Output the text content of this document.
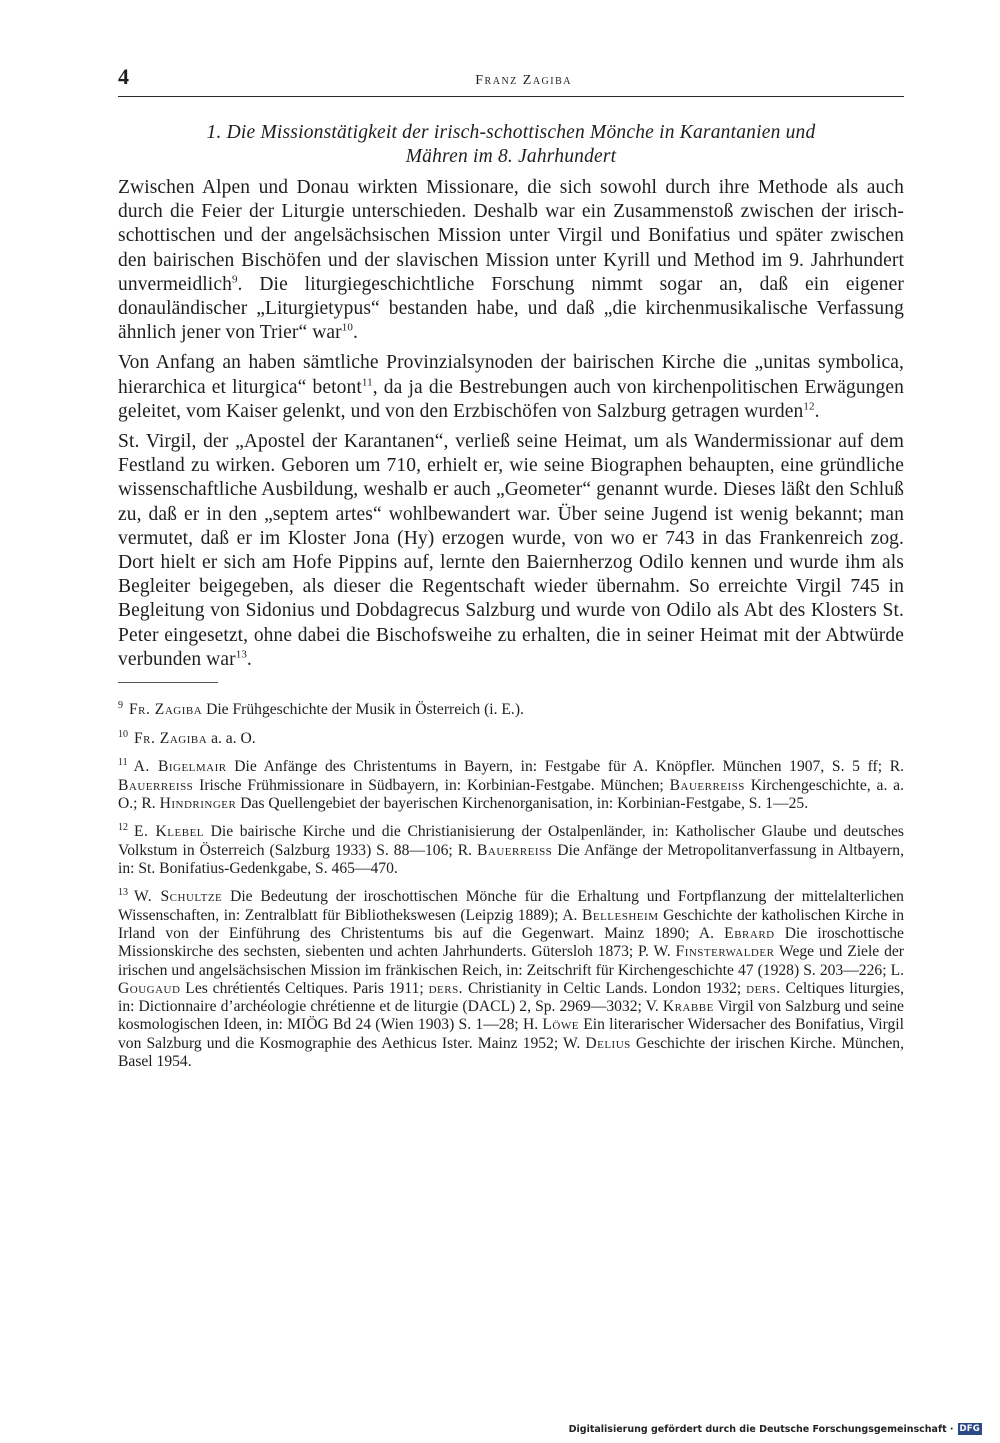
4	Franz Zagiba
1. Die Missionstätigkeit der irisch-schottischen Mönche in Karantanien und
Mähren im 8. Jahrhundert

Zwischen Alpen und Donau wirkten Missionare, die sich sowohl durch ihre Methode als auch durch die Feier der Liturgie unterschieden. Deshalb war ein Zusammenstoß zwischen der irisch-schottischen und der angelsächsischen Mission unter Virgil und Bonifatius und später zwischen den bairischen Bischöfen und der slavischen Mission unter Kyrill und Method im 9. Jahrhundert unvermeidlich$^9$. Die liturgiegeschichtliche Forschung nimmt sogar an, daß ein eigener donauländischer „Liturgietypus“ bestanden habe, und daß „die kirchenmusikalische Verfassung ähnlich jener von Trier“ war$^{10}$.

Von Anfang an haben sämtliche Provinzialsynoden der bairischen Kirche die „unitas symbolica, hierarchica et liturgica“ betont$^{11}$, da ja die Bestrebungen auch von kirchenpolitischen Erwägungen geleitet, vom Kaiser gelenkt, und von den Erzbischöfen von Salzburg getragen wurden$^{12}$.

St. Virgil, der „Apostel der Karantanen“, verließ seine Heimat, um als Wandermissionar auf dem Festland zu wirken. Geboren um 710, erhielt er, wie seine Biographen behaupten, eine gründliche wissenschaftliche Ausbildung, weshalb er auch „Geometer“ genannt wurde. Dieses läßt den Schluß zu, daß er in den „septem artes“ wohlbewandert war. Über seine Jugend ist wenig bekannt; man vermutet, daß er im Kloster Jona (Hy) erzogen wurde, von wo er 743 in das Frankenreich zog. Dort hielt er sich am Hofe Pippins auf, lernte den Baiernherzog Odilo kennen und wurde ihm als Begleiter beigegeben, als dieser die Regentschaft wieder übernahm. So erreichte Virgil 745 in Begleitung von Sidonius und Dobdagrecus Salzburg und wurde von Odilo als Abt des Klosters St. Peter eingesetzt, ohne dabei die Bischofsweihe zu erhalten, die in seiner Heimat mit der Abtwürde verbunden war$^{13}$.

$^9$ Fr. Zagiba Die Frühgeschichte der Musik in Österreich (i. E.).

$^{10}$ Fr. Zagiba a. a. O.

$^{11}$ A. Bigelmair Die Anfänge des Christentums in Bayern, in: Festgabe für A. Knöpfler. München 1907, S. 5 ff; R. Bauerreiss Irische Frühmissionare in Südbayern, in: Korbinian-Festgabe. München; Bauerreiss Kirchengeschichte, a. a. O.; R. Hindringer Das Quellengebiet der bayerischen Kirchenorganisation, in: Korbinian-Festgabe, S. 1—25.

$^{12}$ E. Klebel Die bairische Kirche und die Christianisierung der Ostalpenländer, in: Katholischer Glaube und deutsches Volkstum in Österreich (Salzburg 1933) S. 88—106; R. Bauerreiss Die Anfänge der Metropolitanverfassung in Altbayern, in: St. Bonifatius-Gedenkgabe, S. 465—470.

$^{13}$ W. Schultze Die Bedeutung der iroschottischen Mönche für die Erhaltung und Fortpflanzung der mittelalterlichen Wissenschaften, in: Zentralblatt für Bibliothekswesen (Leipzig 1889); A. Bellesheim Geschichte der katholischen Kirche in Irland von der Einführung des Christentums bis auf die Gegenwart. Mainz 1890; A. Ebrard Die iroschottische Missionskirche des sechsten, siebenten und achten Jahrhunderts. Gütersloh 1873; P. W. Finsterwalder Wege und Ziele der irischen und angelsächsischen Mission im fränkischen Reich, in: Zeitschrift für Kirchengeschichte 47 (1928) S. 203—226; L. Gougaud Les chrétientés Celtiques. Paris 1911; ders. Christianity in Celtic Lands. London 1932; ders. Celtiques liturgies, in: Dictionnaire d’archéologie chrétienne et de liturgie (DACL) 2, Sp. 2969—3032; V. Krabbe Virgil von Salzburg und seine kosmologischen Ideen, in: MIÖG Bd 24 (Wien 1903) S. 1—28; H. Löwe Ein literarischer Widersacher des Bonifatius, Virgil von Salzburg und die Kosmographie des Aethicus Ister. Mainz 1952; W. Delius Geschichte der irischen Kirche. München, Basel 1954.

Digitalisierung gefördert durch die Deutsche Forschungsgemeinschaft · DFG
